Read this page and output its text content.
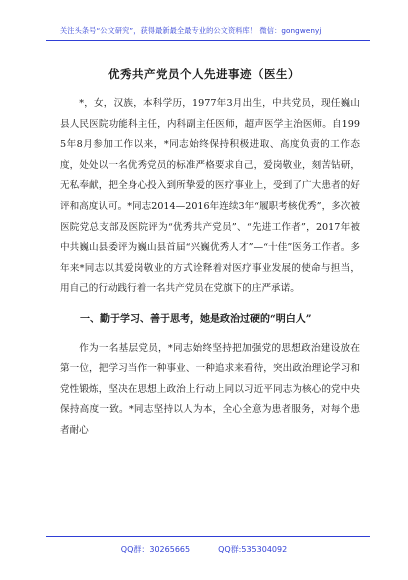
关注头条号“公文研究”，获得最新最全最专业的公文资料库！ 微信：gongwenyj
优秀共产党员个人先进事迹（医生）

*，女，汉族，本科学历，1977年3月出生，中共党员，现任巍山县人民医院功能科主任，内科副主任医师，超声医学主治医师。自1995年8月参加工作以来，*同志始终保持积极进取、高度负责的工作态度，处处以一名优秀党员的标准严格要求自己，爱岗敬业，刻苦钻研，无私奉献，把全身心投入到所挚爱的医疗事业上，受到了广大患者的好评和高度认可。*同志2014—2016年连续3年“履职考核优秀”，多次被医院党总支部及医院评为“优秀共产党员”、“先进工作者”，2017年被中共巍山县委评为巍山县首届“兴巍优秀人才”—“十佳”医务工作者。多年来*同志以其爱岗敬业的方式诠释着对医疗事业发展的使命与担当，用自己的行动践行着一名共产党员在党旗下的庄严承诺。

一、勤于学习、善于思考，她是政治过硬的“明白人”

作为一名基层党员，*同志始终坚持把加强党的思想政治建设放在第一位，把学习当作一种事业、一种追求来看待，突出政治理论学习和党性锻炼，坚决在思想上政治上行动上同以习近平同志为核心的党中央保持高度一致。*同志坚持以人为本，全心全意为患者服务，对每个患者耐心

QQ群：30265665	QQ群:535304092
